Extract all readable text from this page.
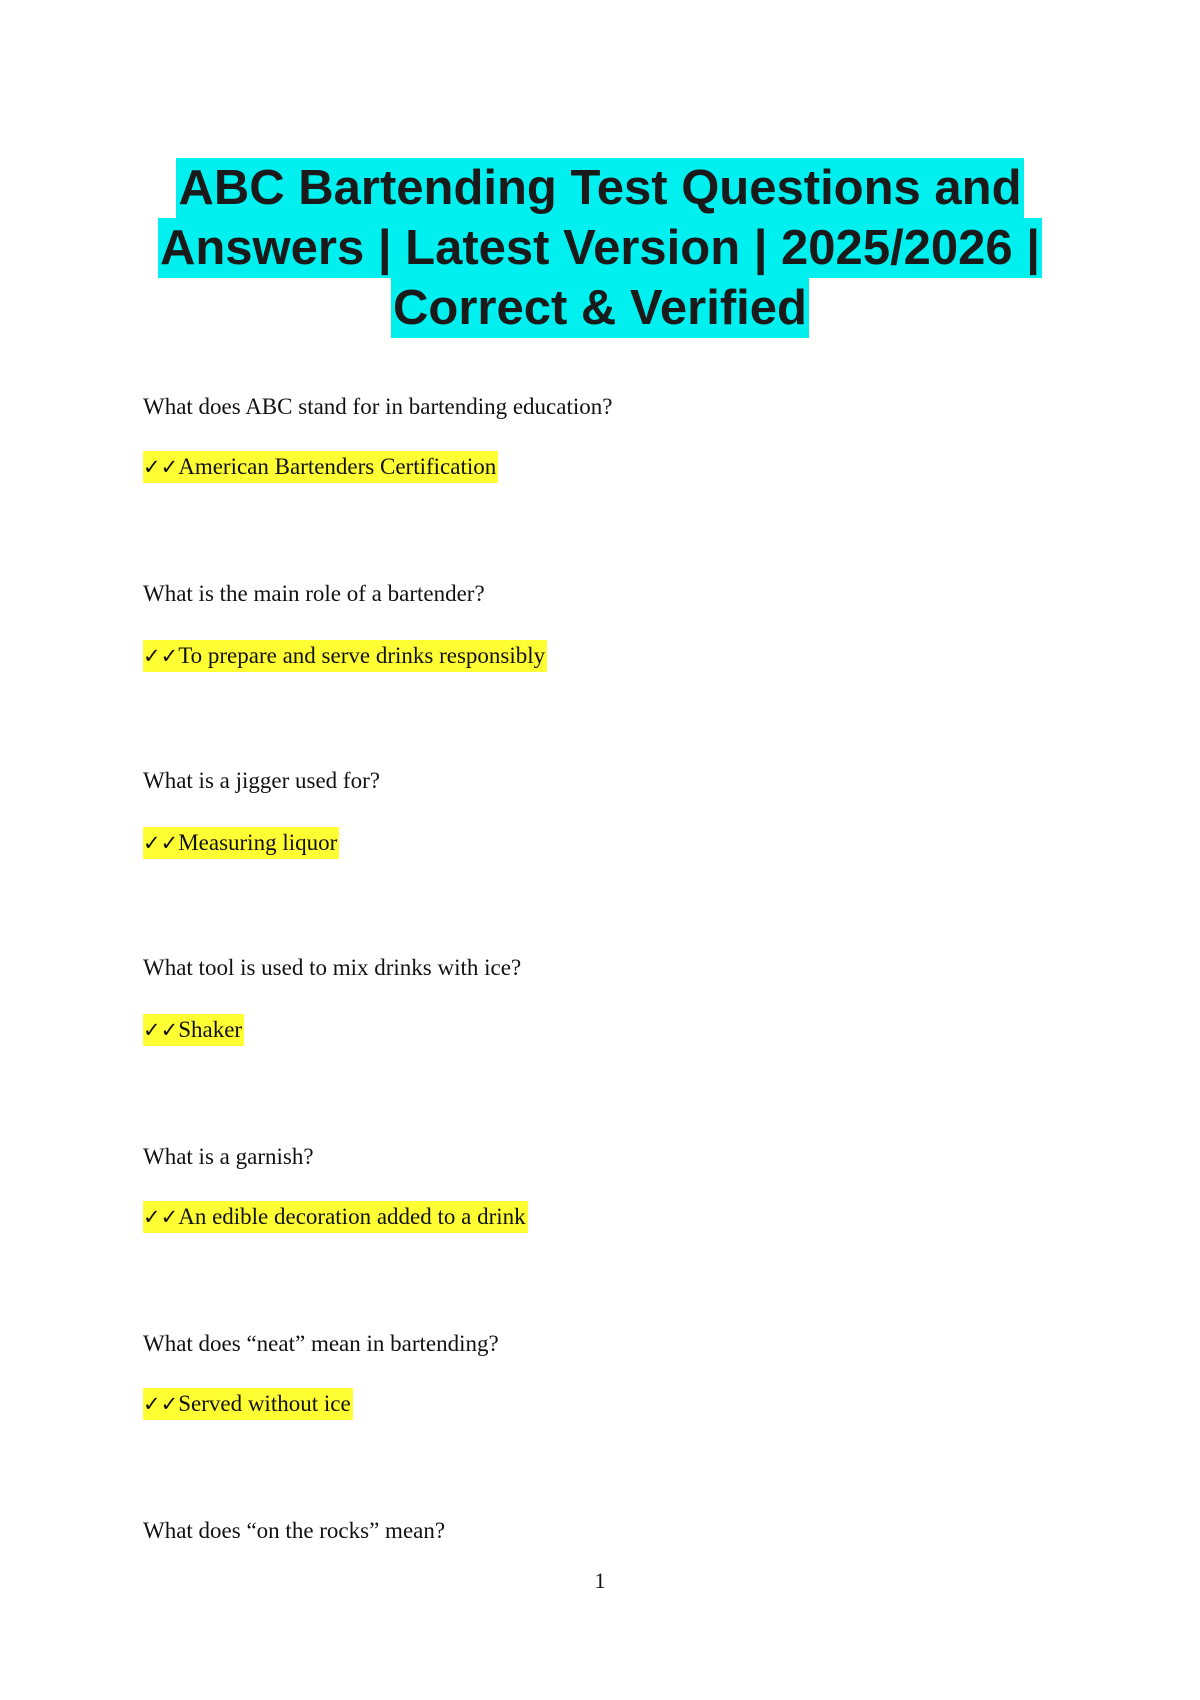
ABC Bartending Test Questions and
Answers | Latest Version | 2025/2026 |
Correct & Verified
What does ABC stand for in bartending education?
✓✓American Bartenders Certification
What is the main role of a bartender?
✓✓To prepare and serve drinks responsibly
What is a jigger used for?
✓✓Measuring liquor
What tool is used to mix drinks with ice?
✓✓Shaker
What is a garnish?
✓✓An edible decoration added to a drink
What does “neat” mean in bartending?
✓✓Served without ice
What does “on the rocks” mean?
1
